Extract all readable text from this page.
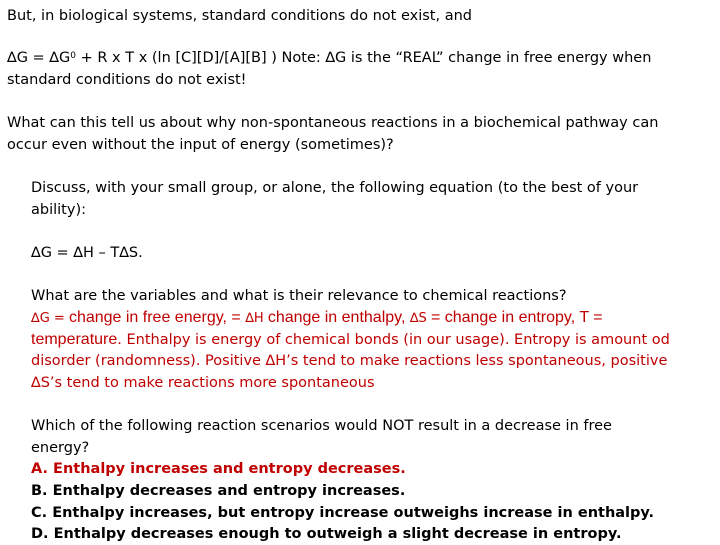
But, in biological systems, standard conditions do not exist, and

$\Delta G = \Delta G^0 + R$ x T x (ln [C][D]/[A][B] ) Note: ∆G is the “REAL” change in free energy when

standard conditions do not exist!

What can this tell us about why non-spontaneous reactions in a biochemical pathway can

occur even without the input of energy (sometimes)?

Discuss, with your small group, or alone, the following equation (to the best of your

ability):

∆G = ∆H – T∆S.

What are the variables and what is their relevance to chemical reactions?

∆G = change in free energy, = ∆H change in enthalpy, ∆S = change in entropy, T =

temperature. Enthalpy is energy of chemical bonds (in our usage). Entropy is amount od

disorder (randomness). Positive ∆H’s tend to make reactions less spontaneous, positive

∆S’s tend to make reactions more spontaneous

Which of the following reaction scenarios would NOT result in a decrease in free

energy?

A. Enthalpy increases and entropy decreases.

B. Enthalpy decreases and entropy increases.

C. Enthalpy increases, but entropy increase outweighs increase in enthalpy.

D. Enthalpy decreases enough to outweigh a slight decrease in entropy.
